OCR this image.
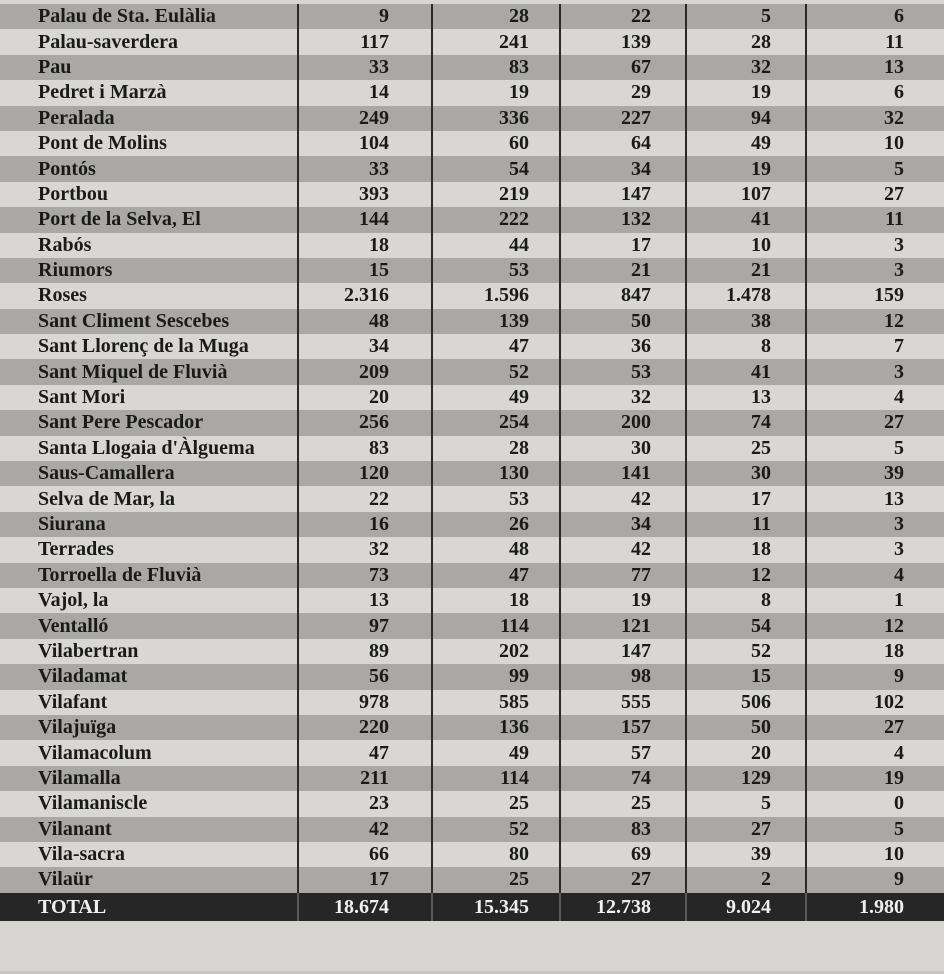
Palau de Sta. Eulàlia	9	28	22	5	6
Palau-saverdera	117	241	139	28	11
Pau	33	83	67	32	13
Pedret i Marzà	14	19	29	19	6
Peralada	249	336	227	94	32
Pont de Molins	104	60	64	49	10
Pontós	33	54	34	19	5
Portbou	393	219	147	107	27
Port de la Selva, El	144	222	132	41	11
Rabós	18	44	17	10	3
Riumors	15	53	21	21	3
Roses	2.316	1.596	847	1.478	159
Sant Climent Sescebes	48	139	50	38	12
Sant Llorenç de la Muga	34	47	36	8	7
Sant Miquel de Fluvià	209	52	53	41	3
Sant Mori	20	49	32	13	4
Sant Pere Pescador	256	254	200	74	27
Santa Llogaia d'Àlguema	83	28	30	25	5
Saus-Camallera	120	130	141	30	39
Selva de Mar, la	22	53	42	17	13
Siurana	16	26	34	11	3
Terrades	32	48	42	18	3
Torroella de Fluvià	73	47	77	12	4
Vajol, la	13	18	19	8	1
Ventalló	97	114	121	54	12
Vilabertran	89	202	147	52	18
Viladamat	56	99	98	15	9
Vilafant	978	585	555	506	102
Vilajuïga	220	136	157	50	27
Vilamacolum	47	49	57	20	4
Vilamalla	211	114	74	129	19
Vilamaniscle	23	25	25	5	0
Vilanant	42	52	83	27	5
Vila-sacra	66	80	69	39	10
Vilaür	17	25	27	2	9
TOTAL	18.674	15.345	12.738	9.024	1.980
